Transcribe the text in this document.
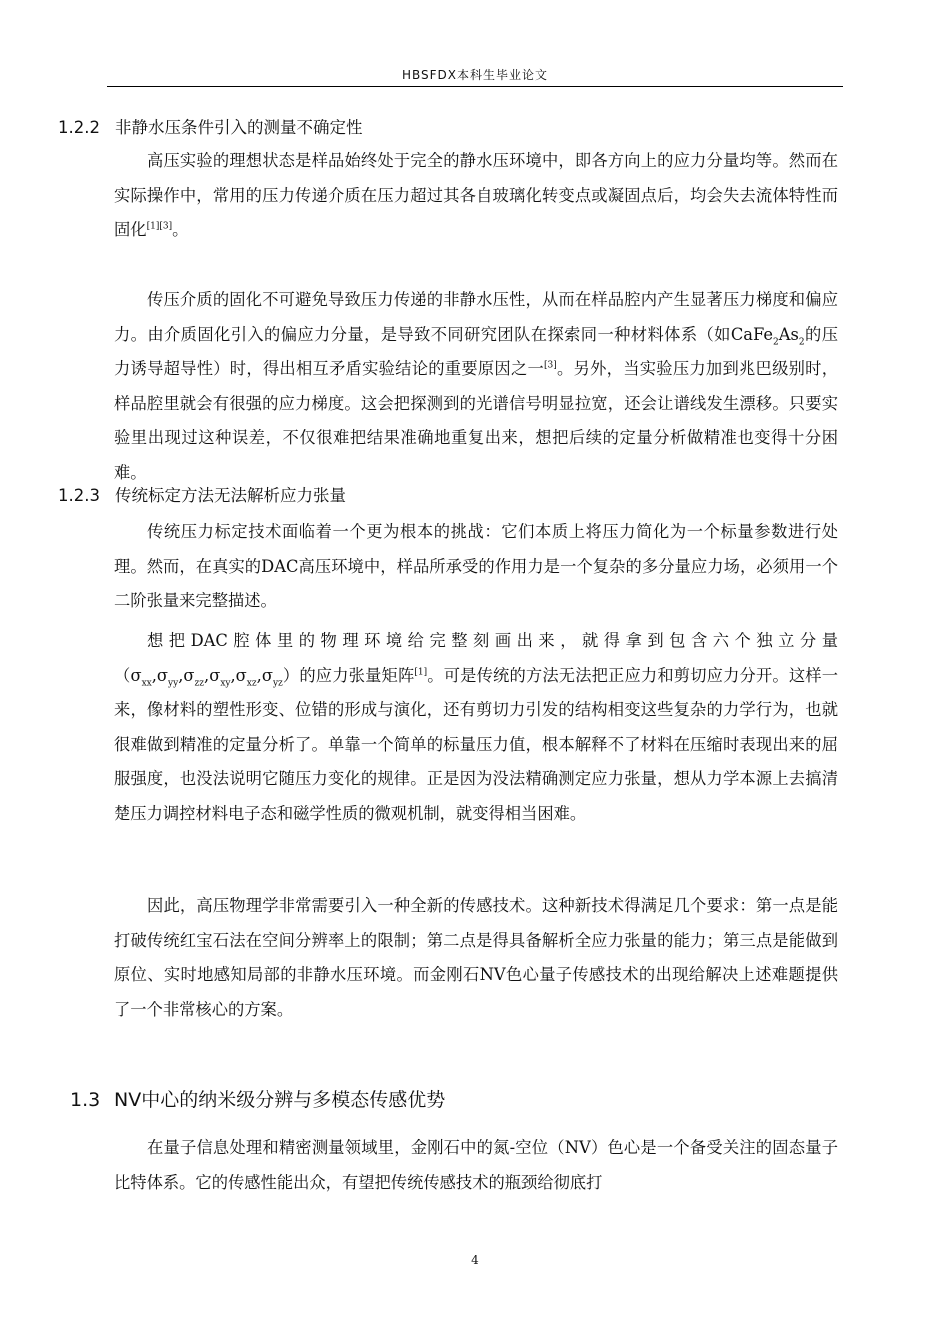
HBSFDX本科生毕业论文
1.2.2 非静水压条件引入的测量不确定性

高压实验的理想状态是样品始终处于完全的静水压环境中，即各方向上的应力分量均等。然而在实际操作中，常用的压力传递介质在压力超过其各自玻璃化转变点或凝固点后，均会失去流体特性而固化[1][3]。

传压介质的固化不可避免导致压力传递的非静水压性，从而在样品腔内产生显著压力梯度和偏应力。由介质固化引入的偏应力分量，是导致不同研究团队在探索同一种材料体系（如$CaFe_2As_2$的压力诱导超导性）时，得出相互矛盾实验结论的重要原因之一[3]。另外，当实验压力加到兆巴级别时，样品腔里就会有很强的应力梯度。这会把探测到的光谱信号明显拉宽，还会让谱线发生漂移。只要实验里出现过这种误差，不仅很难把结果准确地重复出来，想把后续的定量分析做精准也变得十分困难。

1.2.3 传统标定方法无法解析应力张量

传统压力标定技术面临着一个更为根本的挑战：它们本质上将压力简化为一个标量参数进行处理。然而，在真实的DAC高压环境中，样品所承受的作用力是一个复杂的多分量应力场，必须用一个二阶张量来完整描述。

想把DAC腔体里的物理环境给完整刻画出来，就得拿到包含六个独立分量$(\sigma_{xx},\sigma_{yy},\sigma_{zz},\sigma_{xy},\sigma_{xz},\sigma_{yz})$的应力张量矩阵[1]。可是传统的方法无法把正应力和剪切应力分开。这样一来，像材料的塑性形变、位错的形成与演化，还有剪切力引发的结构相变这些复杂的力学行为，也就很难做到精准的定量分析了。单靠一个简单的标量压力值，根本解释不了材料在压缩时表现出来的屈服强度，也没法说明它随压力变化的规律。正是因为没法精确测定应力张量，想从力学本源上去搞清楚压力调控材料电子态和磁学性质的微观机制，就变得相当困难。

因此，高压物理学非常需要引入一种全新的传感技术。这种新技术得满足几个要求：第一点是能打破传统红宝石法在空间分辨率上的限制；第二点是得具备解析全应力张量的能力；第三点是能做到原位、实时地感知局部的非静水压环境。而金刚石NV色心量子传感技术的出现给解决上述难题提供了一个非常核心的方案。

1.3 NV中心的纳米级分辨与多模态传感优势

在量子信息处理和精密测量领域里，金刚石中的氮-空位（NV）色心是一个备受关注的固态量子比特体系。它的传感性能出众，有望把传统传感技术的瓶颈给彻底打

4
